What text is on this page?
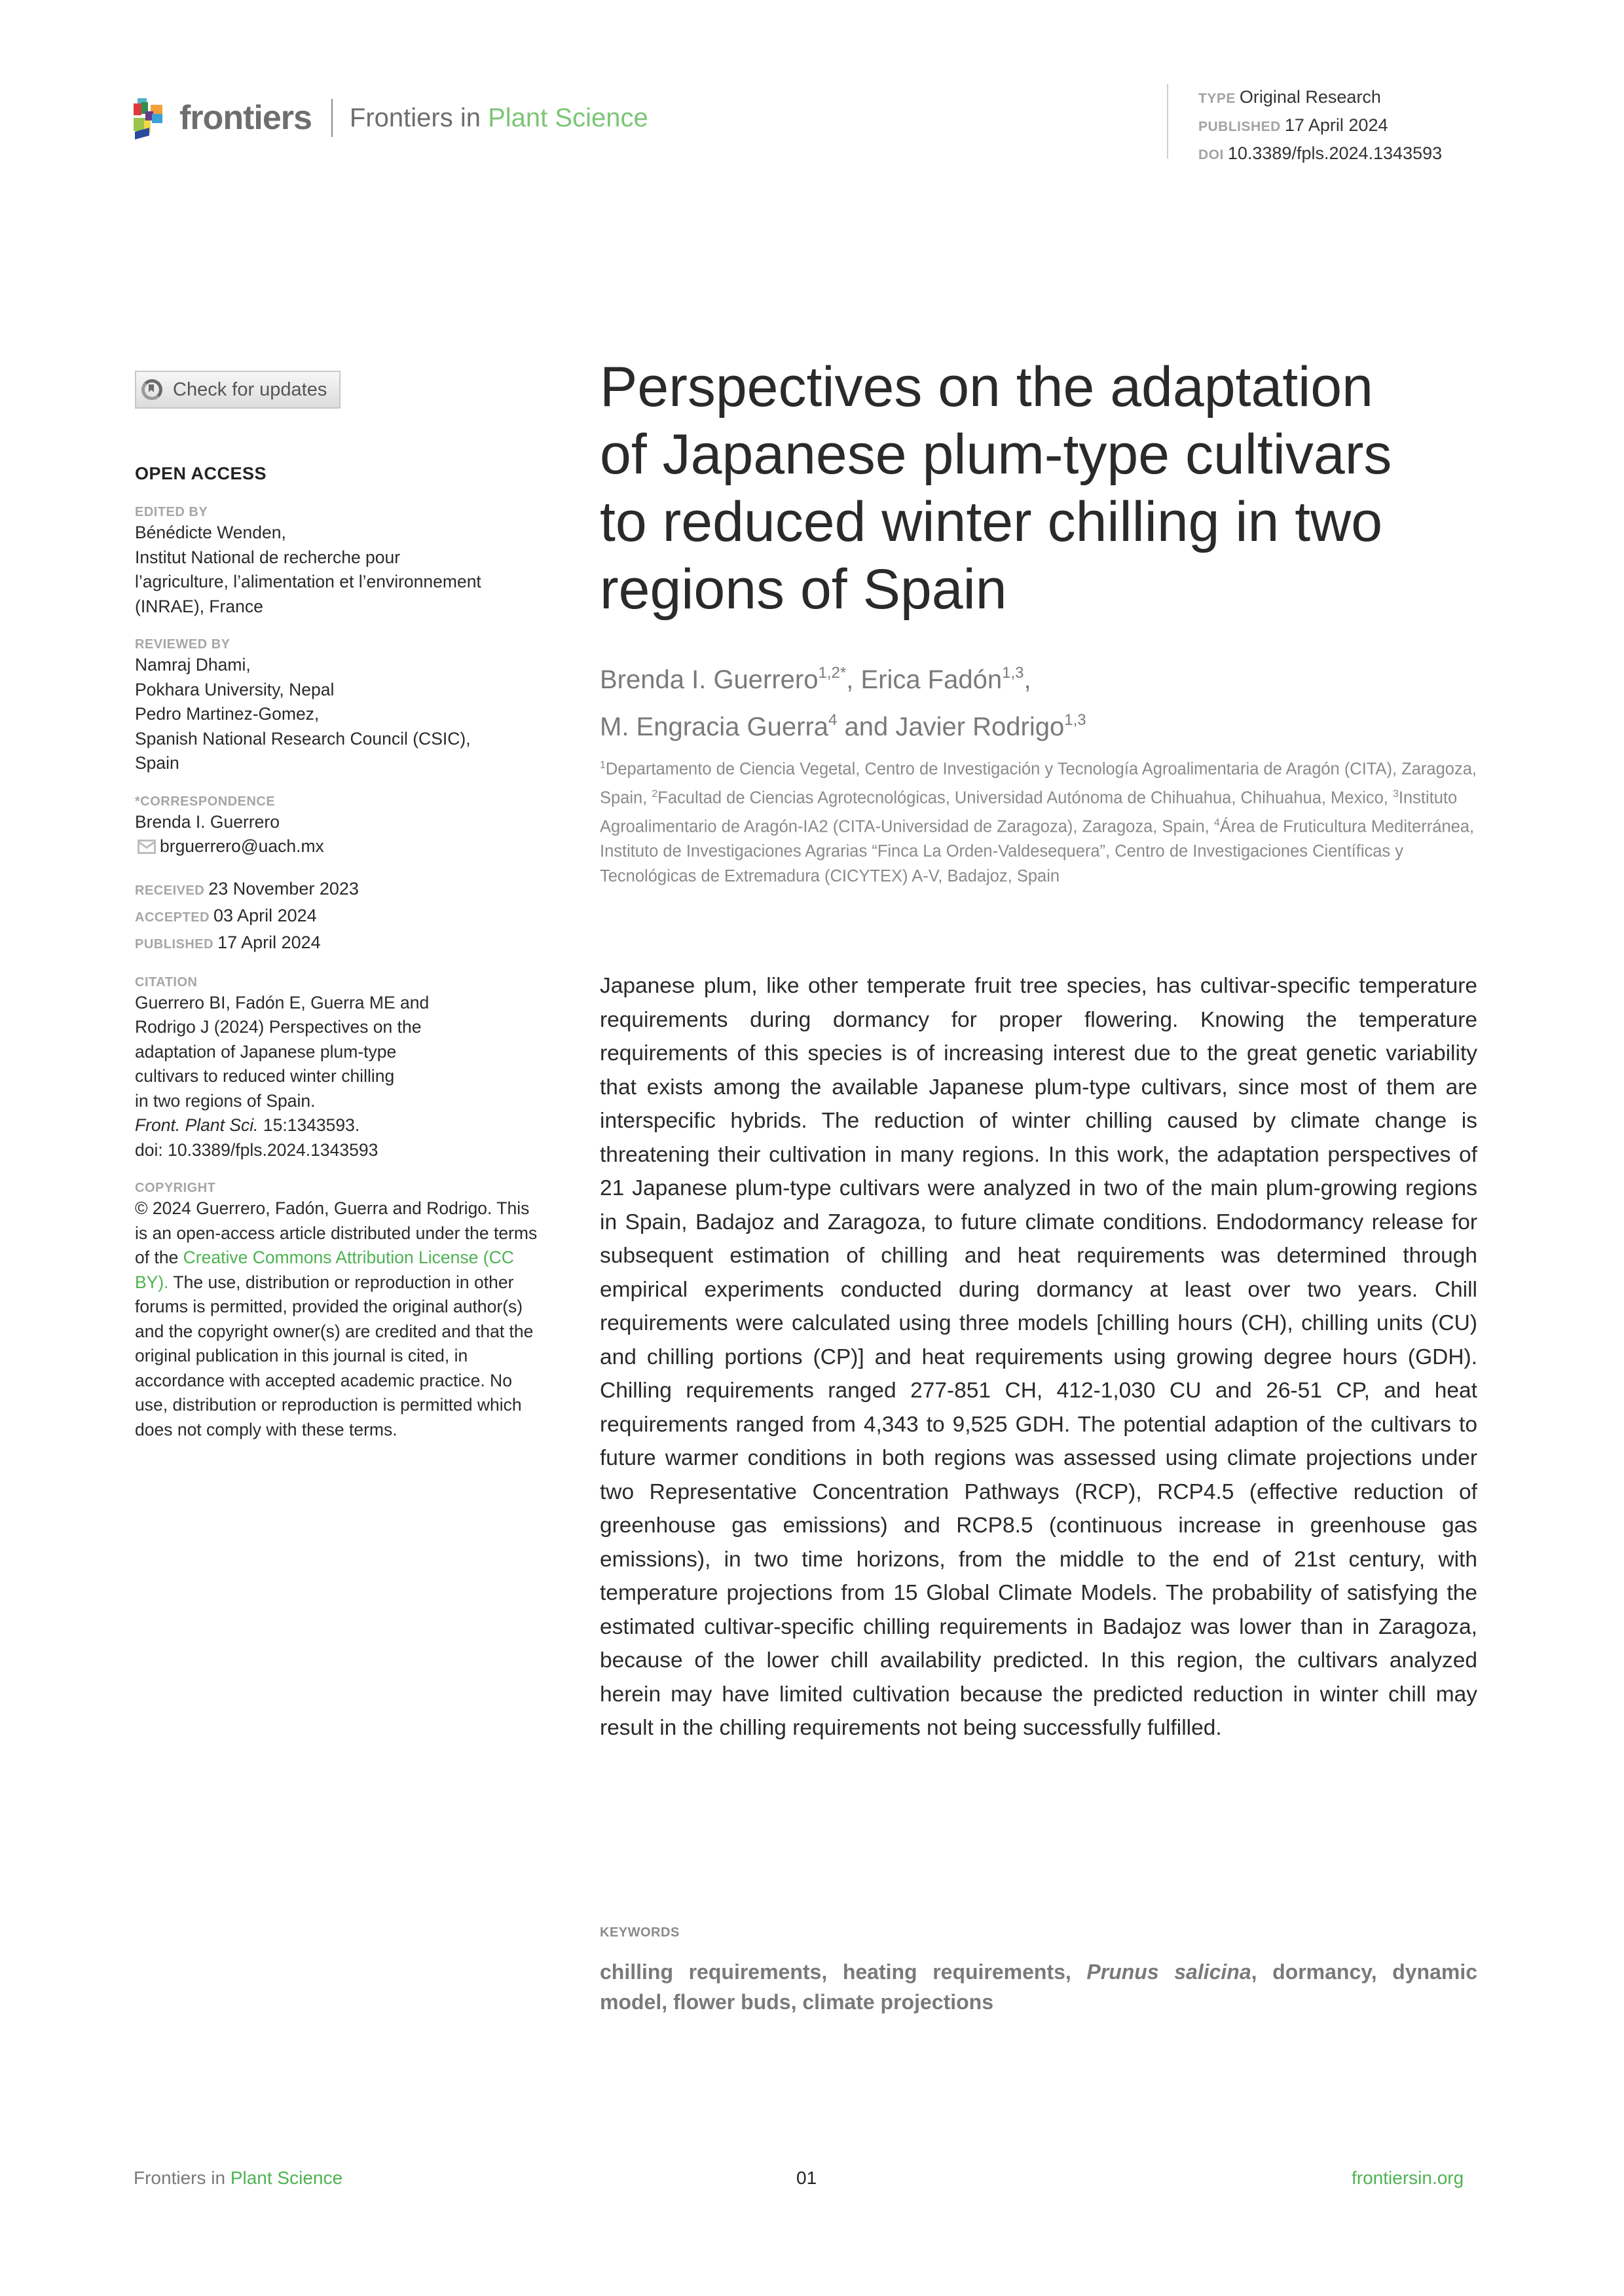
frontiers Frontiers in Plant Science
TYPE Original Research
PUBLISHED 17 April 2024
DOI 10.3389/fpls.2024.1343593
Check for updates
OPEN ACCESS
EDITED BY
Bénédicte Wenden,
Institut National de recherche pour
l’agriculture, l’alimentation et l’environnement
(INRAE), France
REVIEWED BY
Namraj Dhami,
Pokhara University, Nepal
Pedro Martinez-Gomez,
Spanish National Research Council (CSIC),
Spain
*CORRESPONDENCE
Brenda I. Guerrero
brguerrero@uach.mx
RECEIVED 23 November 2023
ACCEPTED 03 April 2024
PUBLISHED 17 April 2024
CITATION
Guerrero BI, Fadón E, Guerra ME and
Rodrigo J (2024) Perspectives on the
adaptation of Japanese plum-type
cultivars to reduced winter chilling
in two regions of Spain.
Front. Plant Sci. 15:1343593.
doi: 10.3389/fpls.2024.1343593
COPYRIGHT
© 2024 Guerrero, Fadón, Guerra and Rodrigo. This is an open-access article distributed under the terms of the Creative Commons Attribution License (CC BY). The use, distribution or reproduction in other forums is permitted, provided the original author(s) and the copyright owner(s) are credited and that the original publication in this journal is cited, in accordance with accepted academic practice. No use, distribution or reproduction is permitted which does not comply with these terms.
Perspectives on the adaptation
of Japanese plum-type cultivars
to reduced winter chilling in two
regions of Spain
Brenda I. Guerrero$^{1,2*}$, Erica Fadón$^{1,3}$,
M. Engracia Guerra$^4$ and Javier Rodrigo$^{1,3}$
$^1$Departamento de Ciencia Vegetal, Centro de Investigación y Tecnología Agroalimentaria de Aragón (CITA), Zaragoza, Spain, $^2$Facultad de Ciencias Agrotecnológicas, Universidad Autónoma de Chihuahua, Chihuahua, Mexico, $^3$Instituto Agroalimentario de Aragón-IA2 (CITA-Universidad de Zaragoza), Zaragoza, Spain, $^4$Área de Fruticultura Mediterránea, Instituto de Investigaciones Agrarias “Finca La Orden-Valdesequera”, Centro de Investigaciones Científicas y Tecnológicas de Extremadura (CICYTEX) A-V, Badajoz, Spain
Japanese plum, like other temperate fruit tree species, has cultivar-specific temperature requirements during dormancy for proper flowering. Knowing the temperature requirements of this species is of increasing interest due to the great genetic variability that exists among the available Japanese plum-type cultivars, since most of them are interspecific hybrids. The reduction of winter chilling caused by climate change is threatening their cultivation in many regions. In this work, the adaptation perspectives of 21 Japanese plum-type cultivars were analyzed in two of the main plum-growing regions in Spain, Badajoz and Zaragoza, to future climate conditions. Endodormancy release for subsequent estimation of chilling and heat requirements was determined through empirical experiments conducted during dormancy at least over two years. Chill requirements were calculated using three models [chilling hours (CH), chilling units (CU) and chilling portions (CP)] and heat requirements using growing degree hours (GDH). Chilling requirements ranged 277-851 CH, 412-1,030 CU and 26-51 CP, and heat requirements ranged from 4,343 to 9,525 GDH. The potential adaption of the cultivars to future warmer conditions in both regions was assessed using climate projections under two Representative Concentration Pathways (RCP), RCP4.5 (effective reduction of greenhouse gas emissions) and RCP8.5 (continuous increase in greenhouse gas emissions), in two time horizons, from the middle to the end of 21st century, with temperature projections from 15 Global Climate Models. The probability of satisfying the estimated cultivar-specific chilling requirements in Badajoz was lower than in Zaragoza, because of the lower chill availability predicted. In this region, the cultivars analyzed herein may have limited cultivation because the predicted reduction in winter chill may result in the chilling requirements not being successfully fulfilled.
KEYWORDS
chilling requirements, heating requirements, Prunus salicina, dormancy, dynamic model, flower buds, climate projections
Frontiers in Plant Science	01	frontiersin.org
